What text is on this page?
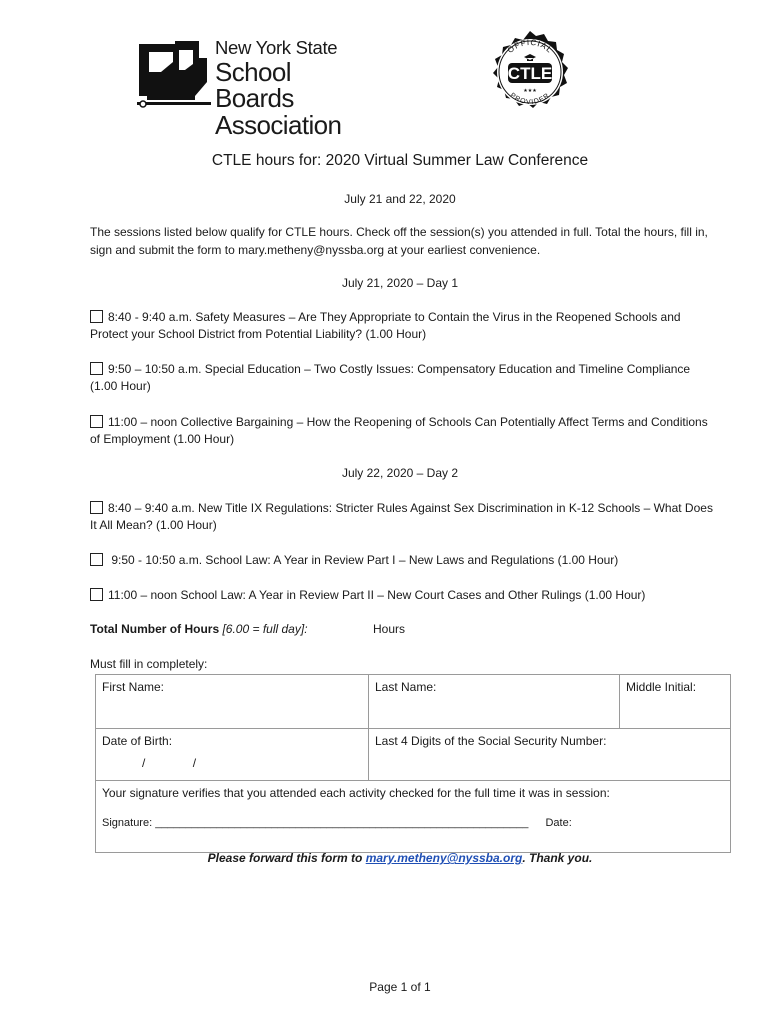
New York State
School Boards
Association
CTLE
OFFICIAL
PROVIDER
★★★
CTLE hours for: 2020 Virtual Summer Law Conference
July 21 and 22, 2020
The sessions listed below qualify for CTLE hours. Check off the session(s) you attended in full. Total the hours, fill in, sign and submit the form to mary.metheny@nyssba.org at your earliest convenience.
July 21, 2020 – Day 1
8:40 - 9:40 a.m. Safety Measures – Are They Appropriate to Contain the Virus in the Reopened Schools and Protect your School District from Potential Liability? (1.00 Hour)
9:50 – 10:50 a.m. Special Education – Two Costly Issues: Compensatory Education and Timeline Compliance (1.00 Hour)
11:00 – noon Collective Bargaining – How the Reopening of Schools Can Potentially Affect Terms and Conditions of Employment (1.00 Hour)
July 22, 2020 – Day 2
8:40 – 9:40 a.m. New Title IX Regulations: Stricter Rules Against Sex Discrimination in K-12 Schools – What Does It All Mean? (1.00 Hour)
9:50 - 10:50 a.m. School Law: A Year in Review Part I – New Laws and Regulations (1.00 Hour)
11:00 – noon School Law: A Year in Review Part II – New Court Cases and Other Rulings (1.00 Hour)
Total Number of Hours [6.00 = full day]:	Hours
Must fill in completely:
First Name:	Last Name:	Middle Initial:

Date of Birth:
/ /	Last 4 Digits of the Social Security Number:	

Your signature verifies that you attended each activity checked for the full time it was in session:
Signature: _____________________________________________________________ Date:		
Please forward this form to mary.metheny@nyssba.org. Thank you.
Page 1 of 1
